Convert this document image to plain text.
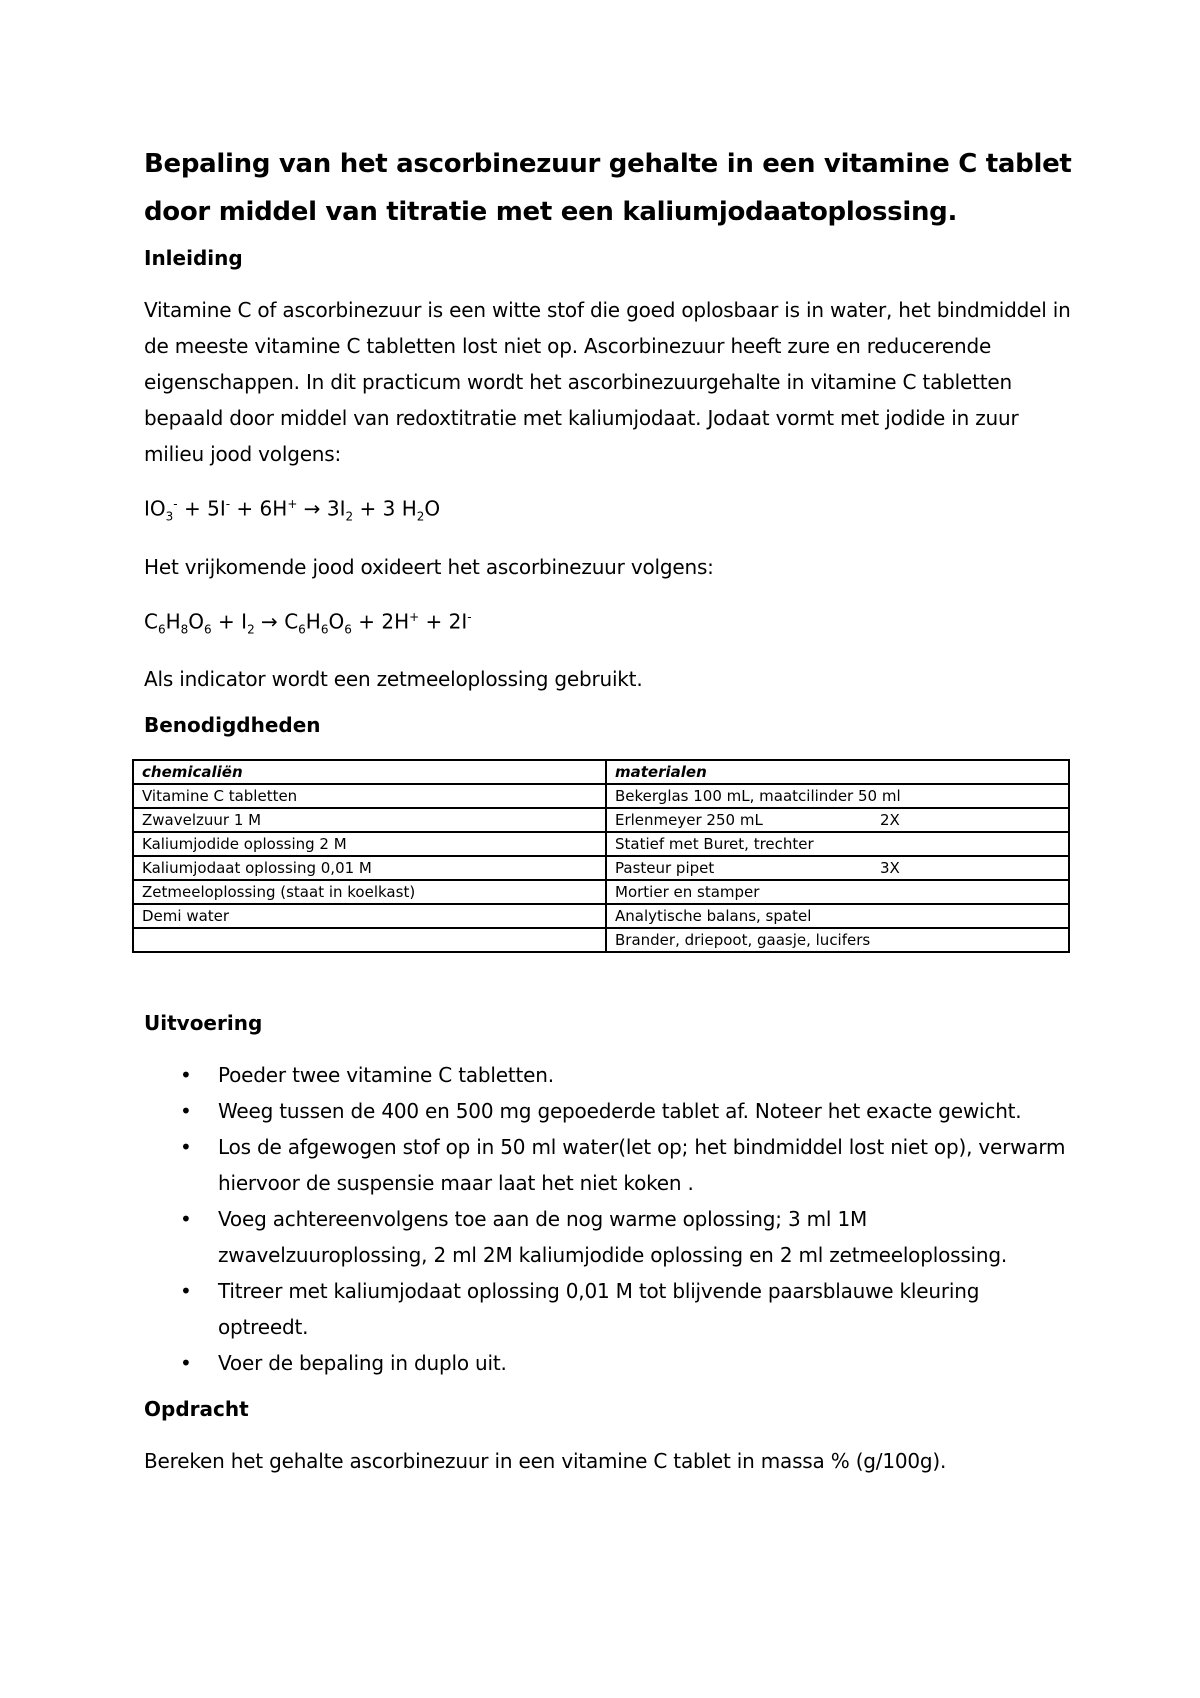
Bepaling van het ascorbinezuur gehalte in een vitamine C tablet door middel van titratie met een kaliumjodaatoplossing.
Inleiding

Vitamine C of ascorbinezuur is een witte stof die goed oplosbaar is in water, het bindmiddel in de meeste vitamine C tabletten lost niet op. Ascorbinezuur heeft zure en reducerende eigenschappen. In dit practicum wordt het ascorbinezuurgehalte in vitamine C tabletten bepaald door middel van redoxtitratie met kaliumjodaat. Jodaat vormt met jodide in zuur milieu jood volgens:

$IO_3^- + 5I^- + 6H^+ \to 3I_2 + 3$ $H_2O$

Het vrijkomende jood oxideert het ascorbinezuur volgens:

$C_6H_8O_6 + I_2 \to C_6H_6O_6 + 2H^+ + 2I^-$

Als indicator wordt een zetmeeloplossing gebruikt.

Benodigdheden
chemicaliën	materialen
Vitamine C tabletten	Bekerglas 100 mL, maatcilinder 50 ml

Zwavelzuur 1 M	Erlenmeyer 250 mL 2X

Kaliumjodide oplossing 2 M	Statief met Buret, trechter

Kaliumjodaat oplossing 0,01 M	Pasteur pipet 3X

Zetmeeloplossing (staat in koelkast)	Mortier en stamper

Demi water	Analytische balans, spatel

	Brander, driepoot, gaasje, lucifers
Uitvoering
• Poeder twee vitamine C tabletten.
• Weeg tussen de 400 en 500 mg gepoederde tablet af. Noteer het exacte gewicht.
• Los de afgewogen stof op in 50 ml water(let op; het bindmiddel lost niet op), verwarm hiervoor de suspensie maar laat het niet koken .
• Voeg achtereenvolgens toe aan de nog warme oplossing; 3 ml 1M zwavelzuuroplossing, 2 ml 2M kaliumjodide oplossing en 2 ml zetmeeloplossing.
• Titreer met kaliumjodaat oplossing 0,01 M tot blijvende paarsblauwe kleuring optreedt.
• Voer de bepaling in duplo uit.
Opdracht

Bereken het gehalte ascorbinezuur in een vitamine C tablet in massa % (g/100g).
